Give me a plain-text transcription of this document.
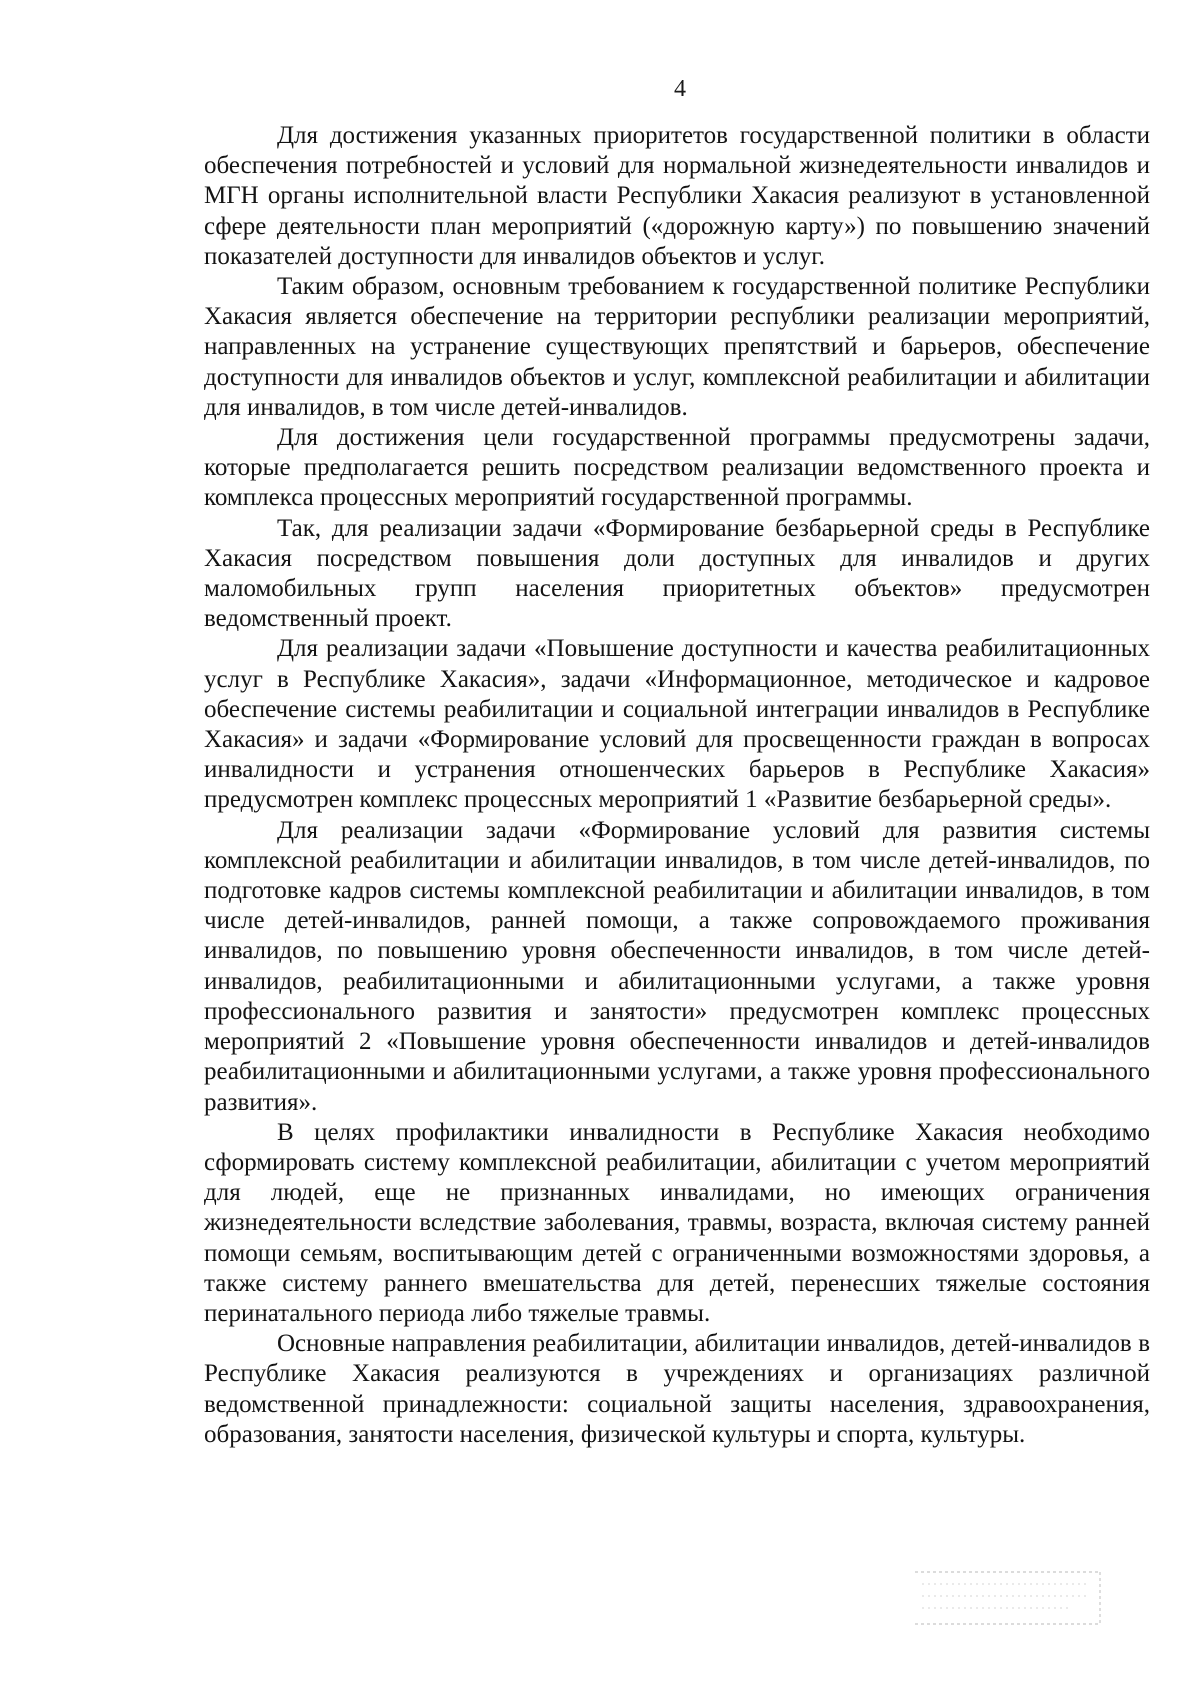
4

Для достижения указанных приоритетов государственной политики в области обеспечения потребностей и условий для нормальной жизнедеятельности инвалидов и МГН органы исполнительной власти Республики Хакасия реализуют в установленной сфере деятельности план мероприятий («дорожную карту») по повышению значений показателей доступности для инвалидов объектов и услуг.

Таким образом, основным требованием к государственной политике Республики Хакасия является обеспечение на территории республики реализации мероприятий, направленных на устранение существующих препятствий и барьеров, обеспечение доступности для инвалидов объектов и услуг, комплексной реабилитации и абилитации для инвалидов, в том числе детей-инвалидов.

Для достижения цели государственной программы предусмотрены задачи, которые предполагается решить посредством реализации ведомственного проекта и комплекса процессных мероприятий государственной программы.

Так, для реализации задачи «Формирование безбарьерной среды в Республике Хакасия посредством повышения доли доступных для инвалидов и других маломобильных групп населения приоритетных объектов» предусмотрен ведомственный проект.

Для реализации задачи «Повышение доступности и качества реабилитационных услуг в Республике Хакасия», задачи «Информационное, методическое и кадровое обеспечение системы реабилитации и социальной интеграции инвалидов в Республике Хакасия» и задачи «Формирование условий для просвещенности граждан в вопросах инвалидности и устранения отношенческих барьеров в Республике Хакасия» предусмотрен комплекс процессных мероприятий 1 «Развитие безбарьерной среды».

Для реализации задачи «Формирование условий для развития системы комплексной реабилитации и абилитации инвалидов, в том числе детей-инвалидов, по подготовке кадров системы комплексной реабилитации и абилитации инвалидов, в том числе детей-инвалидов, ранней помощи, а также сопровождаемого проживания инвалидов, по повышению уровня обеспеченности инвалидов, в том числе детей-инвалидов, реабилитационными и абилитационными услугами, а также уровня профессионального развития и занятости» предусмотрен комплекс процессных мероприятий 2 «Повышение уровня обеспеченности инвалидов и детей-инвалидов реабилитационными и абилитационными услугами, а также уровня профессионального развития».

В целях профилактики инвалидности в Республике Хакасия необходимо сформировать систему комплексной реабилитации, абилитации с учетом мероприятий для людей, еще не признанных инвалидами, но имеющих ограничения жизнедеятельности вследствие заболевания, травмы, возраста, включая систему ранней помощи семьям, воспитывающим детей с ограниченными возможностями здоровья, а также систему раннего вмешательства для детей, перенесших тяжелые состояния перинатального периода либо тяжелые травмы.

Основные направления реабилитации, абилитации инвалидов, детей-инвалидов в Республике Хакасия реализуются в учреждениях и организациях различной ведомственной принадлежности: социальной защиты населения, здравоохранения, образования, занятости населения, физической культуры и спорта, культуры.
